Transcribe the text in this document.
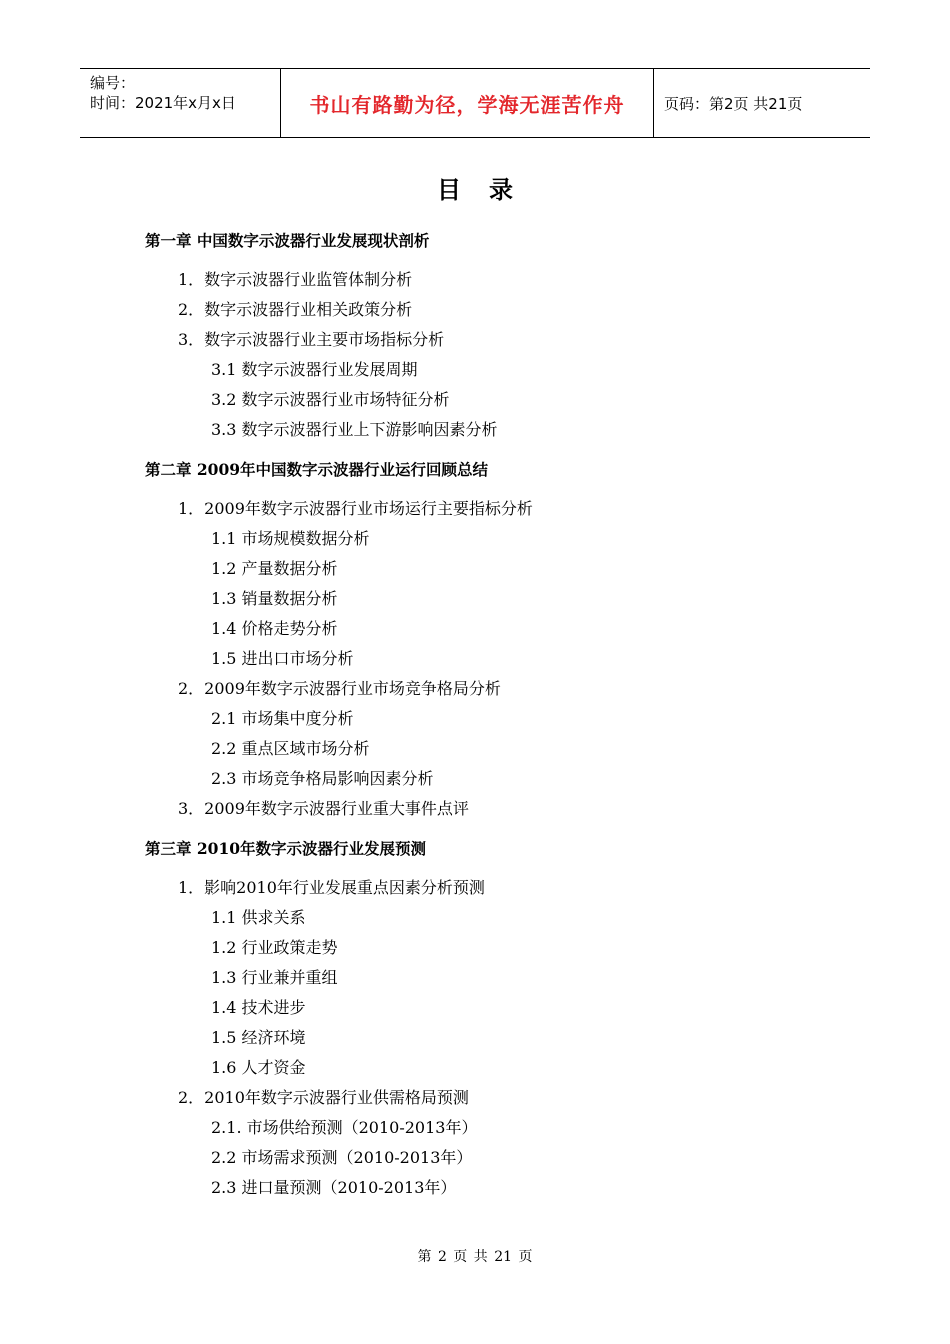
编号：
时间：2021年x月x日	书山有路勤为径，学海无涯苦作舟	页码：第2页 共21页
目录
第一章 中国数字示波器行业发展现状剖析
1．数字示波器行业监管体制分析
2．数字示波器行业相关政策分析
3．数字示波器行业主要市场指标分析
3.1 数字示波器行业发展周期
3.2 数字示波器行业市场特征分析
3.3 数字示波器行业上下游影响因素分析
第二章 2009年中国数字示波器行业运行回顾总结
1．2009年数字示波器行业市场运行主要指标分析
1.1 市场规模数据分析
1.2 产量数据分析
1.3 销量数据分析
1.4 价格走势分析
1.5 进出口市场分析
2．2009年数字示波器行业市场竞争格局分析
2.1 市场集中度分析
2.2 重点区域市场分析
2.3 市场竞争格局影响因素分析
3．2009年数字示波器行业重大事件点评
第三章 2010年数字示波器行业发展预测
1．影响2010年行业发展重点因素分析预测
1.1 供求关系
1.2 行业政策走势
1.3 行业兼并重组
1.4 技术进步
1.5 经济环境
1.6 人才资金
2．2010年数字示波器行业供需格局预测
2.1. 市场供给预测（2010-2013年）
2.2 市场需求预测（2010-2013年）
2.3 进口量预测（2010-2013年）
第 2 页 共 21 页
